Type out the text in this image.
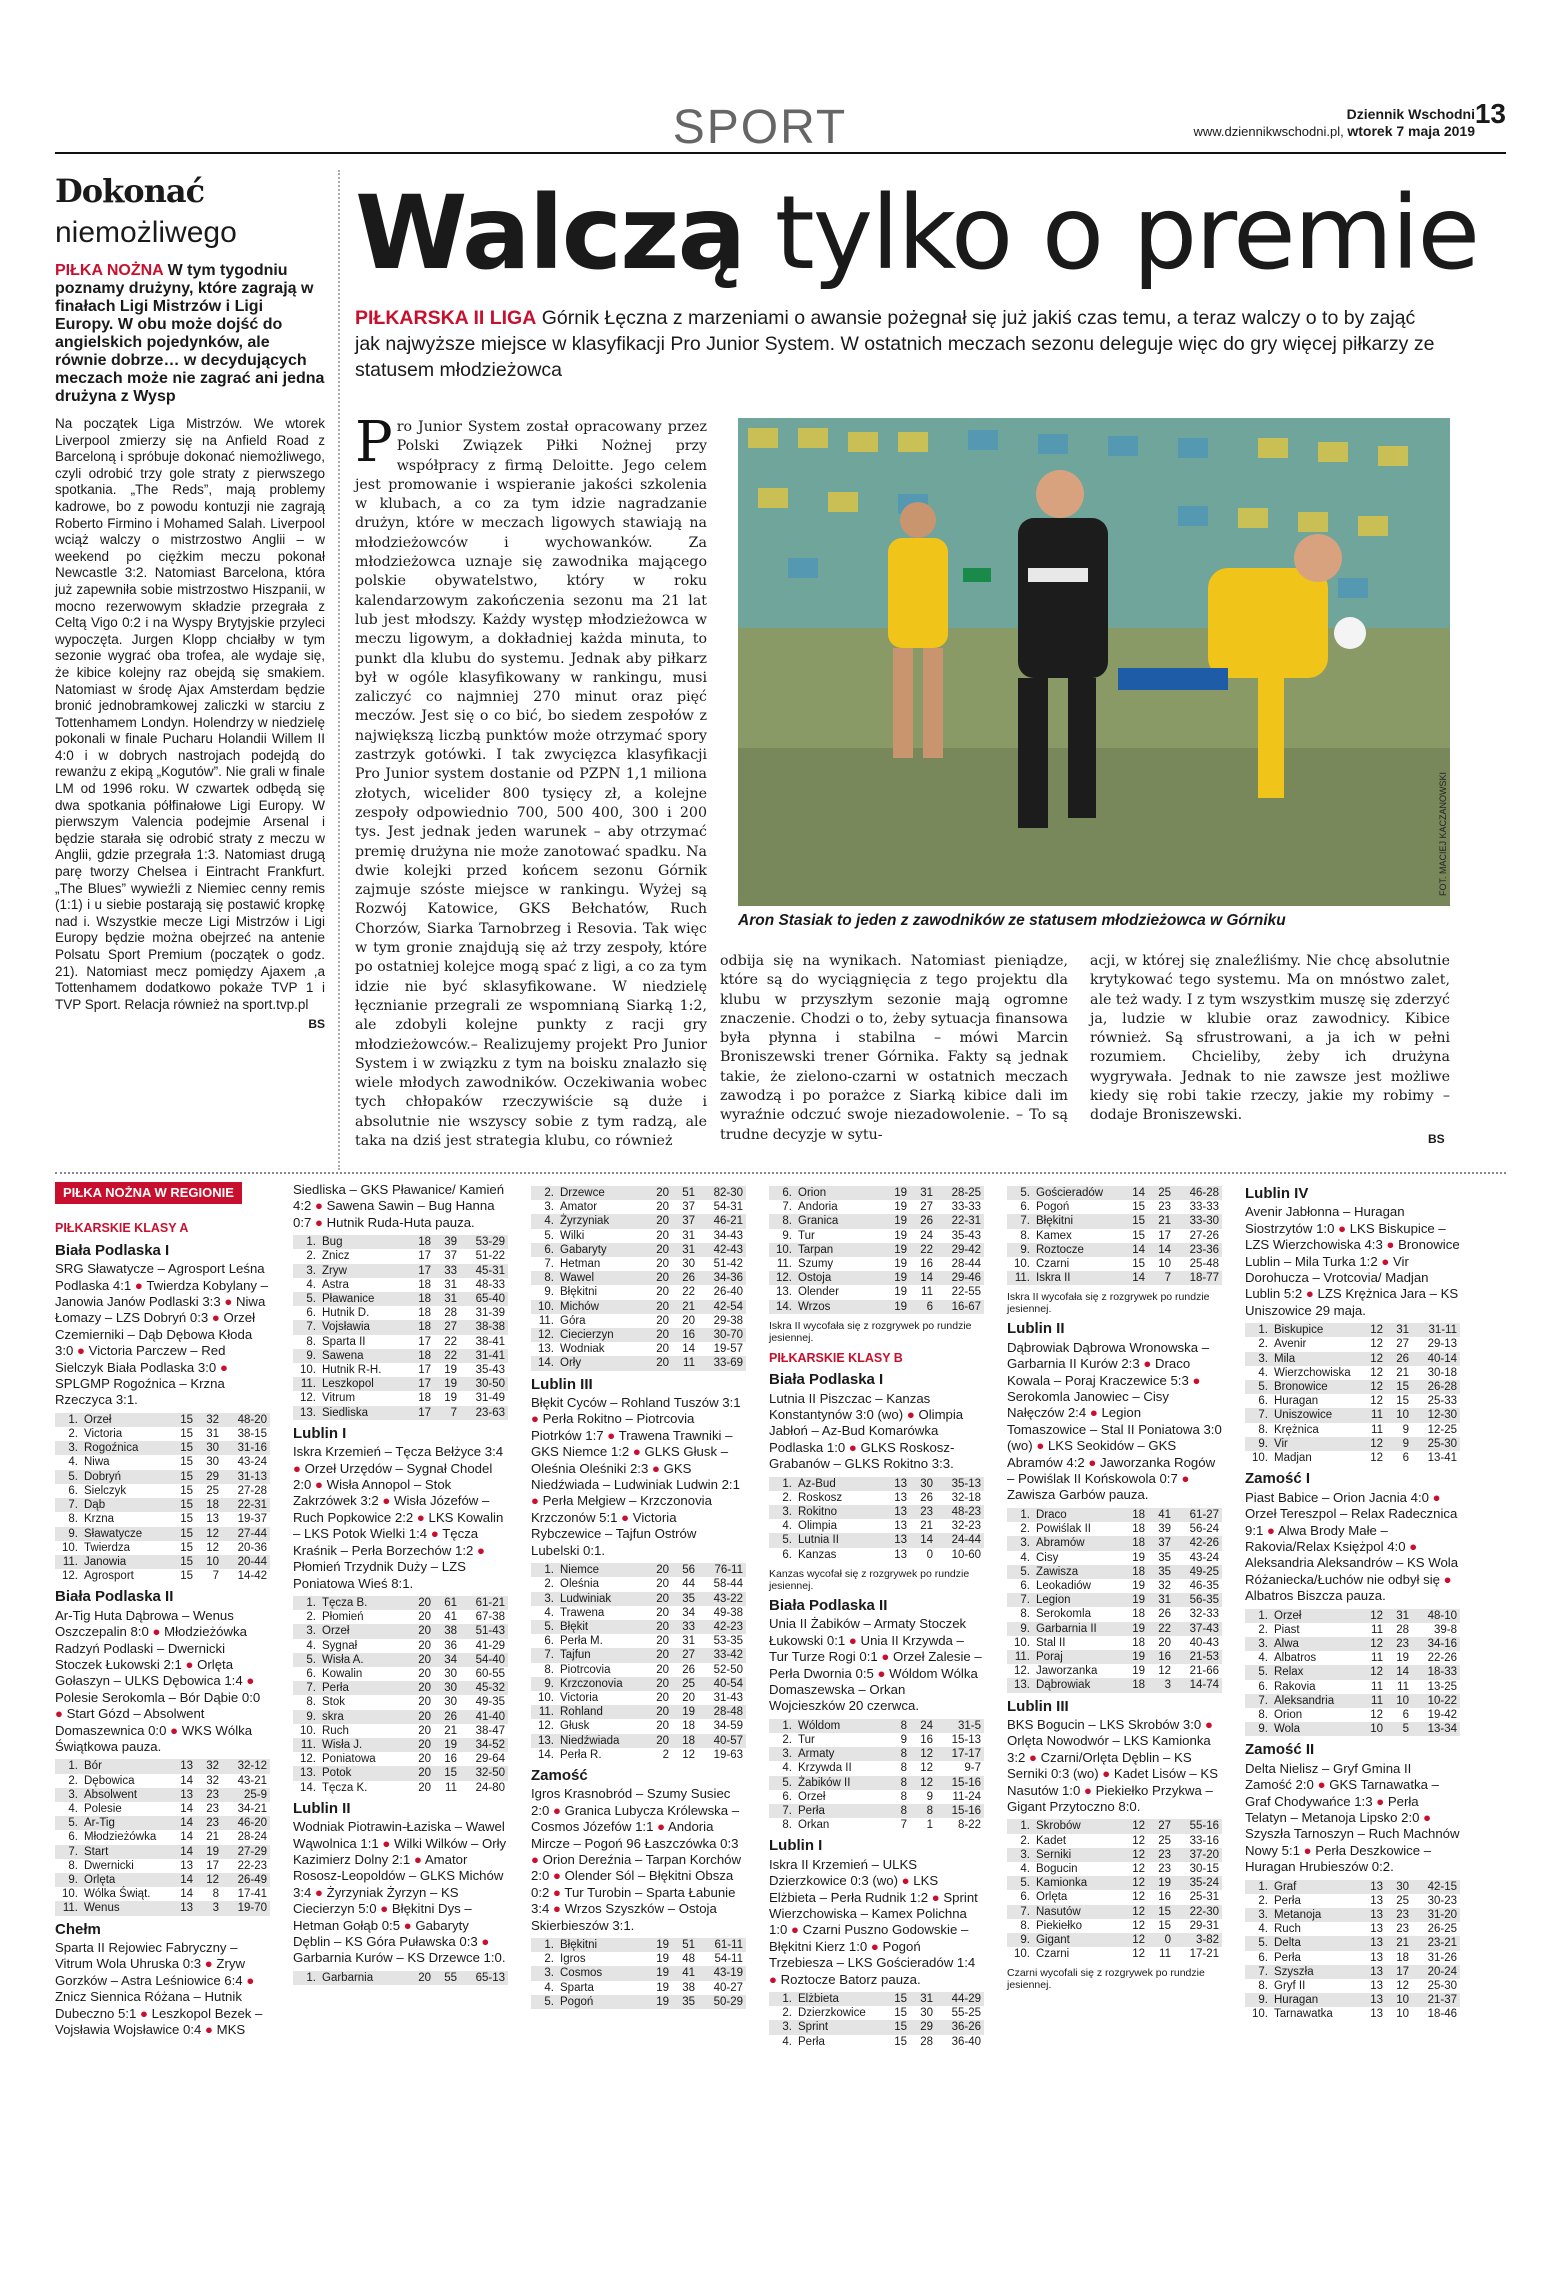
SPORT	Dziennik Wschodni
www.dziennikwschodni.pl, wtorek 7 maja 2019
13
Dokonać
niemożliwego
PIŁKA NOŻNA W tym tygodniu poznamy drużyny, które zagrają w finałach Ligi Mistrzów i Ligi Europy. W obu może dojść do angielskich pojedynków, ale równie dobrze… w decydujących meczach może nie zagrać ani jedna drużyna z Wysp
Na początek Liga Mistrzów. We wtorek Liverpool zmierzy się na Anfield Road z Barceloną i spróbuje dokonać niemożliwego, czyli odrobić trzy gole straty z pierwszego spotkania. „The Reds”, mają problemy kadrowe, bo z powodu kontuzji nie zagrają Roberto Firmino i Mohamed Salah. Liverpool wciąż walczy o mistrzostwo Anglii – w weekend po ciężkim meczu pokonał Newcastle 3:2. Natomiast Barcelona, która już zapewniła sobie mistrzostwo Hiszpanii, w mocno rezerwowym składzie przegrała z Celtą Vigo 0:2 i na Wyspy Brytyjskie przyleci wypoczęta. Jurgen Klopp chciałby w tym sezonie wygrać oba trofea, ale wydaje się, że kibice kolejny raz obejdą się smakiem. Natomiast w środę Ajax Amsterdam będzie bronić jednobramkowej zaliczki w starciu z Tottenhamem Londyn. Holendrzy w niedzielę pokonali w finale Pucharu Holandii Willem II 4:0 i w dobrych nastrojach podejdą do rewanżu z ekipą „Kogutów”. Nie grali w finale LM od 1996 roku. W czwartek odbędą się dwa spotkania półfinałowe Ligi Europy. W pierwszym Valencia podejmie Arsenal i będzie starała się odrobić straty z meczu w Anglii, gdzie przegrała 1:3. Natomiast drugą parę tworzy Chelsea i Eintracht Frankfurt. „The Blues” wywieźli z Niemiec cenny remis (1:1) i u siebie postarają się postawić kropkę nad i. Wszystkie mecze Ligi Mistrzów i Ligi Europy będzie można obejrzeć na antenie Polsatu Sport Premium (początek o godz. 21). Natomiast mecz pomiędzy Ajaxem ,a Tottenhamem dodatkowo pokaże TVP 1 i TVP Sport. Relacja również na sport.tvp.pl
BS
Walczą tylko o premie
PIŁKARSKA II LIGA Górnik Łęczna z marzeniami o awansie pożegnał się już jakiś czas temu, a teraz walczy o to by zająć jak najwyższe miejsce w klasyfikacji Pro Junior System. W ostatnich meczach sezonu deleguje więc do gry więcej piłkarzy ze statusem młodzieżowca
Pro Junior System został opracowany przez Polski Związek Piłki Nożnej przy współpracy z firmą Deloitte. Jego celem jest promowanie i wspieranie jakości szkolenia w klubach, a co za tym idzie nagradzanie drużyn, które w meczach ligowych stawiają na młodzieżowców i wychowanków. Za młodzieżowca uznaje się zawodnika mającego polskie obywatelstwo, który w roku kalendarzowym zakończenia sezonu ma 21 lat lub jest młodszy. Każdy występ młodzieżowca w meczu ligowym, a dokładniej każda minuta, to punkt dla klubu do systemu. Jednak aby piłkarz był w ogóle klasyfikowany w rankingu, musi zaliczyć co najmniej 270 minut oraz pięć meczów. Jest się o co bić, bo siedem zespołów z największą liczbą punktów może otrzymać spory zastrzyk gotówki. I tak zwycięzca klasyfikacji Pro Junior system dostanie od PZPN 1,1 miliona złotych, wicelider 800 tysięcy zł, a kolejne zespoły odpowiednio 700, 500 400, 300 i 200 tys. Jest jednak jeden warunek – aby otrzymać premię drużyna nie może zanotować spadku. Na dwie kolejki przed końcem sezonu Górnik zajmuje szóste miejsce w rankingu. Wyżej są Rozwój Katowice, GKS Bełchatów, Ruch Chorzów, Siarka Tarnobrzeg i Resovia. Tak więc w tym gronie znajdują się aż trzy zespoły, które po ostatniej kolejce mogą spać z ligi, a co za tym idzie nie być sklasyfikowane. W niedzielę łęcznianie przegrali ze wspomnianą Siarką 1:2, ale zdobyli kolejne punkty z racji gry młodzieżowców.– Realizujemy projekt Pro Junior System i w związku z tym na boisku znalazło się wiele młodych zawodników. Oczekiwania wobec tych chłopaków rzeczywiście są duże i absolutnie nie wszyscy sobie z tym radzą, ale taka na dziś jest strategia klubu, co również
FOT. MACIEJ KACZANOWSKI
Aron Stasiak to jeden z zawodników ze statusem młodzieżowca w Górniku
odbija się na wynikach. Natomiast pieniądze, które są do wyciągnięcia z tego projektu dla klubu w przyszłym sezonie mają ogromne znaczenie. Chodzi o to, żeby sytuacja finansowa była płynna i stabilna – mówi Marcin Broniszewski trener Górnika. Fakty są jednak takie, że zielono-czarni w ostatnich meczach zawodzą i po porażce z Siarką kibice dali im wyraźnie odczuć swoje niezadowolenie. – To są trudne decyzje w sytu-
acji, w której się znaleźliśmy. Nie chcę absolutnie krytykować tego systemu. Ma on mnóstwo zalet, ale też wady. I z tym wszystkim muszę się zderzyć ja, ludzie w klubie oraz zawodnicy. Kibice również. Są sfrustrowani, a ja ich w pełni rozumiem. Chcieliby, żeby ich drużyna wygrywała. Jednak to nie zawsze jest możliwe kiedy się robi takie rzeczy, jakie my robimy – dodaje Broniszewski.
BS
PIŁKA NOŻNA W REGIONIE
PIŁKARSKIE KLASY A
Biała Podlaska I

SRG Sławatycze – Agrosport Leśna Podlaska 4:1 ● Twierdza Kobylany – Janowia Janów Podlaski 3:3 ● Niwa Łomazy – LZS Dobryń 0:3 ● Orzeł Czemierniki – Dąb Dębowa Kłoda 3:0 ● Victoria Parczew – Red Sielczyk Biała Podlaska 3:0 ● SPLGMP Rogoźnica – Krzna Rzeczyca 3:1.

1.	Orzeł	15	32	48-20
2.	Victoria	15	31	38-15
3.	Rogoźnica	15	30	31-16
4.	Niwa	15	30	43-24
5.	Dobryń	15	29	31-13
6.	Sielczyk	15	25	27-28
7.	Dąb	15	18	22-31
8.	Krzna	15	13	19-37
9.	Sławatycze	15	12	27-44
10.	Twierdza	15	12	20-36
11.	Janowia	15	10	20-44
12.	Agrosport	15	7	14-42
Biała Podlaska II

Ar-Tig Huta Dąbrowa – Wenus Oszczepalin 8:0 ● Młodzieżówka Radzyń Podlaski – Dwernicki Stoczek Łukowski 2:1 ● Orlęta Gołaszyn – ULKS Dębowica 1:4 ● Polesie Serokomla – Bór Dąbie 0:0 ● Start Gózd – Absolwent Domaszewnica 0:0 ● WKS Wólka Świątkowa pauza.

1.	Bór	13	32	32-12
2.	Dębowica	14	32	43-21
3.	Absolwent	13	23	25-9
4.	Polesie	14	23	34-21
5.	Ar-Tig	14	23	46-20
6.	Młodzieżówka	14	21	28-24
7.	Start	14	19	27-29
8.	Dwernicki	13	17	22-23
9.	Orlęta	14	12	26-49
10.	Wólka Świąt.	14	8	17-41
11.	Wenus	13	3	19-70
Chełm

Sparta II Rejowiec Fabryczny – Vitrum Wola Uhruska 0:3 ● Zryw Gorzków – Astra Leśniowice 6:4 ● Znicz Siennica Różana – Hutnik Dubeczno 5:1 ● Leszkopol Bezek – Vojsławia Wojsławice 0:4 ● MKS

Siedliska – GKS Pławanice/ Kamień 4:2 ● Sawena Sawin – Bug Hanna 0:7 ● Hutnik Ruda-Huta pauza.

1.	Bug	18	39	53-29
2.	Znicz	17	37	51-22
3.	Zryw	17	33	45-31
4.	Astra	18	31	48-33
5.	Pławanice	18	31	65-40
6.	Hutnik D.	18	28	31-39
7.	Vojsławia	18	27	38-38
8.	Sparta II	17	22	38-41
9.	Sawena	18	22	31-41
10.	Hutnik R-H.	17	19	35-43
11.	Leszkopol	17	19	30-50
12.	Vitrum	18	19	31-49
13.	Siedliska	17	7	23-63
Lublin I

Iskra Krzemień – Tęcza Bełżyce 3:4 ● Orzeł Urzędów – Sygnał Chodel 2:0 ● Wisła Annopol – Stok Zakrzówek 3:2 ● Wisła Józefów – Ruch Popkowice 2:2 ● LKS Kowalin – LKS Potok Wielki 1:4 ● Tęcza Kraśnik – Perła Borzechów 1:2 ● Płomień Trzydnik Duży – LZS Poniatowa Wieś 8:1.

1.	Tęcza B.	20	61	61-21
2.	Płomień	20	41	67-38
3.	Orzeł	20	38	51-43
4.	Sygnał	20	36	41-29
5.	Wisła A.	20	34	54-40
6.	Kowalin	20	30	60-55
7.	Perła	20	30	45-32
8.	Stok	20	30	49-35
9.	skra	20	26	41-40
10.	Ruch	20	21	38-47
11.	Wisła J.	20	19	34-52
12.	Poniatowa	20	16	29-64
13.	Potok	20	15	32-50
14.	Tęcza K.	20	11	24-80
Lublin II

Wodniak Piotrawin-Łaziska – Wawel Wąwolnica 1:1 ● Wilki Wilków – Orły Kazimierz Dolny 2:1 ● Amator Rososz-Leopoldów – GLKS Michów 3:4 ● Żyrzyniak Żyrzyn – KS Ciecierzyn 5:0 ● Błękitni Dys – Hetman Gołąb 0:5 ● Gabaryty Dęblin – KS Góra Puławska 0:3 ● Garbarnia Kurów – KS Drzewce 1:0.

1.	Garbarnia	20	55	65-13
2.	Drzewce	20	51	82-30
3.	Amator	20	37	54-31
4.	Żyrzyniak	20	37	46-21
5.	Wilki	20	31	34-43
6.	Gabaryty	20	31	42-43
7.	Hetman	20	30	51-42
8.	Wawel	20	26	34-36
9.	Błękitni	20	22	26-40
10.	Michów	20	21	42-54
11.	Góra	20	20	29-38
12.	Ciecierzyn	20	16	30-70
13.	Wodniak	20	14	19-57
14.	Orły	20	11	33-69
Lublin III

Błękit Cyców – Rohland Tuszów 3:1 ● Perła Rokitno – Piotrcovia Piotrków 1:7 ● Trawena Trawniki – GKS Niemce 1:2 ● GLKS Głusk – Oleśnia Oleśniki 2:3 ● GKS Niedźwiada – Ludwiniak Ludwin 2:1 ● Perła Mełgiew – Krzczonovia Krzczonów 5:1 ● Victoria Rybczewice – Tajfun Ostrów Lubelski 0:1.

1.	Niemce	20	56	76-11
2.	Oleśnia	20	44	58-44
3.	Ludwiniak	20	35	43-22
4.	Trawena	20	34	49-38
5.	Błękit	20	33	42-23
6.	Perła M.	20	31	53-35
7.	Tajfun	20	27	33-42
8.	Piotrcovia	20	26	52-50
9.	Krzczonovia	20	25	40-54
10.	Victoria	20	20	31-43
11.	Rohland	20	19	28-48
12.	Głusk	20	18	34-59
13.	Niedźwiada	20	18	40-57
14.	Perła R.	2	12	19-63
Zamość

Igros Krasnobród – Szumy Susiec 2:0 ● Granica Lubycza Królewska – Cosmos Józefów 1:1 ● Andoria Mircze – Pogoń 96 Łaszczówka 0:3 ● Orion Dereźnia – Tarpan Korchów 2:0 ● Olender Sól – Błękitni Obsza 0:2 ● Tur Turobin – Sparta Łabunie 3:4 ● Wrzos Szyszków – Ostoja Skierbieszów 3:1.

1.	Błękitni	19	51	61-11
2.	Igros	19	48	54-11
3.	Cosmos	19	41	43-19
4.	Sparta	19	38	40-27
5.	Pogoń	19	35	50-29
6.	Orion	19	31	28-25
7.	Andoria	19	27	33-33
8.	Granica	19	26	22-31
9.	Tur	19	24	35-43
10.	Tarpan	19	22	29-42
11.	Szumy	19	16	28-44
12.	Ostoja	19	14	29-46
13.	Olender	19	11	22-55
14.	Wrzos	19	6	16-67
Iskra II wycofała się z rozgrywek po rundzie jesiennej.
PIŁKARSKIE KLASY B
Biała Podlaska I

Lutnia II Piszczac – Kanzas Konstantynów 3:0 (wo) ● Olimpia Jabłoń – Az-Bud Komarówka Podlaska 1:0 ● GLKS Roskosz-Grabanów – GLKS Rokitno 3:3.

1.	Az-Bud	13	30	35-13
2.	Roskosz	13	26	32-18
3.	Rokitno	13	23	48-23
4.	Olimpia	13	21	32-23
5.	Lutnia II	13	14	24-44
6.	Kanzas	13	0	10-60
Kanzas wycofał się z rozgrywek po rundzie jesiennej.
Biała Podlaska II

Unia II Żabików – Armaty Stoczek Łukowski 0:1 ● Unia II Krzywda – Tur Turze Rogi 0:1 ● Orzeł Zalesie – Perła Dwornia 0:5 ● Wóldom Wólka Domaszewska – Orkan Wojcieszków 20 czerwca.

1.	Wóldom	8	24	31-5
2.	Tur	9	16	15-13
3.	Armaty	8	12	17-17
4.	Krzywda II	8	12	9-7
5.	Żabików II	8	12	15-16
6.	Orzeł	8	9	11-24
7.	Perła	8	8	15-16
8.	Orkan	7	1	8-22
Lublin I

Iskra II Krzemień – ULKS Dzierzkowice 0:3 (wo) ● LKS Elżbieta – Perła Rudnik 1:2 ● Sprint Wierzchowiska – Kamex Polichna 1:0 ● Czarni Puszno Godowskie – Błękitni Kierz 1:0 ● Pogoń Trzebiesza – LKS Gościeradów 1:4 ● Roztocze Batorz pauza.

1.	Elżbieta	15	31	44-29
2.	Dzierzkowice	15	30	55-25
3.	Sprint	15	29	36-26
4.	Perła	15	28	36-40
5.	Gościeradów	14	25	46-28
6.	Pogoń	15	23	33-33
7.	Błękitni	15	21	33-30
8.	Kamex	15	17	27-26
9.	Roztocze	14	14	23-36
10.	Czarni	15	10	25-48
11.	Iskra II	14	7	18-77
Iskra II wycofała się z rozgrywek po rundzie jesiennej.
Lublin II

Dąbrowiak Dąbrowa Wronowska – Garbarnia II Kurów 2:3 ● Draco Kowala – Poraj Kraczewice 5:3 ● Serokomla Janowiec – Cisy Nałęczów 2:4 ● Legion Tomaszowice – Stal II Poniatowa 3:0 (wo) ● LKS Seokidów – GKS Abramów 4:2 ● Jaworzanka Rogów – Powiślak II Końskowola 0:7 ● Zawisza Garbów pauza.

1.	Draco	18	41	61-27
2.	Powiślak II	18	39	56-24
3.	Abramów	18	37	42-26
4.	Cisy	19	35	43-24
5.	Zawisza	18	35	49-25
6.	Leokadiów	19	32	46-35
7.	Legion	19	31	56-35
8.	Serokomla	18	26	32-33
9.	Garbarnia II	19	22	37-43
10.	Stal II	18	20	40-43
11.	Poraj	19	16	21-53
12.	Jaworzanka	19	12	21-66
13.	Dąbrowiak	18	3	14-74
Lublin III

BKS Bogucin – LKS Skrobów 3:0 ● Orlęta Nowodwór – LKS Kamionka 3:2 ● Czarni/Orlęta Dęblin – KS Serniki 0:3 (wo) ● Kadet Lisów – KS Nasutów 1:0 ● Piekiełko Przykwa – Gigant Przytoczno 8:0.

1.	Skrobów	12	27	55-16
2.	Kadet	12	25	33-16
3.	Serniki	12	23	37-20
4.	Bogucin	12	23	30-15
5.	Kamionka	12	19	35-24
6.	Orlęta	12	16	25-31
7.	Nasutów	12	15	22-30
8.	Piekiełko	12	15	29-31
9.	Gigant	12	0	3-82
10.	Czarni	12	11	17-21
Czarni wycofali się z rozgrywek po rundzie jesiennej.
Lublin IV

Avenir Jabłonna – Huragan Siostrzytów 1:0 ● LKS Biskupice – LZS Wierzchowiska 4:3 ● Bronowice Lublin – Mila Turka 1:2 ● Vir Dorohucza – Vrotcovia/ Madjan Lublin 5:2 ● LZS Krężnica Jara – KS Uniszowice 29 maja.

1.	Biskupice	12	31	31-11
2.	Avenir	12	27	29-13
3.	Mila	12	26	40-14
4.	Wierzchowiska	12	21	30-18
5.	Bronowice	12	15	26-28
6.	Huragan	12	15	25-33
7.	Uniszowice	11	10	12-30
8.	Krężnica	11	9	12-25
9.	Vir	12	9	25-30
10.	Madjan	12	6	13-41
Zamość I

Piast Babice – Orion Jacnia 4:0 ● Orzeł Tereszpol – Relax Radecznica 9:1 ● Alwa Brody Małe – Rakovia/Relax Księżpol 4:0 ● Aleksandria Aleksandrów – KS Wola Różaniecka/Łuchów nie odbył się ● Albatros Biszcza pauza.

1.	Orzeł	12	31	48-10
2.	Piast	11	28	39-8
3.	Alwa	12	23	34-16
4.	Albatros	11	19	22-26
5.	Relax	12	14	18-33
6.	Rakovia	11	11	13-25
7.	Aleksandria	11	10	10-22
8.	Orion	12	6	19-42
9.	Wola	10	5	13-34
Zamość II

Delta Nielisz – Gryf Gmina II Zamość 2:0 ● GKS Tarnawatka – Graf Chodywańce 1:3 ● Perła Telatyn – Metanoja Lipsko 2:0 ● Szyszła Tarnoszyn – Ruch Machnów Nowy 5:1 ● Perła Deszkowice – Huragan Hrubieszów 0:2.

1.	Graf	13	30	42-15
2.	Perła	13	25	30-23
3.	Metanoja	13	23	31-20
4.	Ruch	13	23	26-25
5.	Delta	13	21	23-21
6.	Perła	13	18	31-26
7.	Szyszła	13	17	20-24
8.	Gryf II	13	12	25-30
9.	Huragan	13	10	21-37
10.	Tarnawatka	13	10	18-46
